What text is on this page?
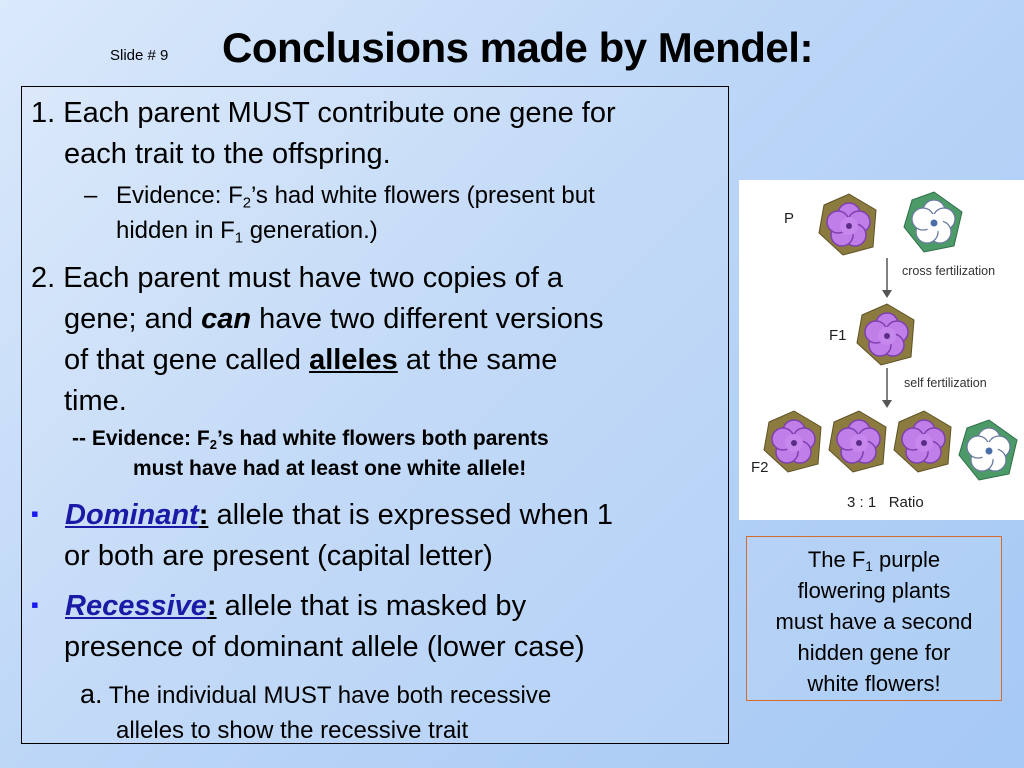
Slide # 9 Conclusions made by Mendel:
1. Each parent MUST contribute one gene for
each trait to the offspring.
– Evidence: $F_2’s$ had white flowers (present but
hidden in $F_1$ generation.)
2. Each parent must have two copies of a
gene; and can have two different versions
of that gene called alleles at the same
time.
-- Evidence: $F_2’s$ had white flowers both parents
must have had at least one white allele!
▪ Dominant: allele that is expressed when 1
or both are present (capital letter)
▪ Recessive: allele that is masked by
presence of dominant allele (lower case)
a. The individual MUST have both recessive
alleles to show the recessive trait
P
F1
F2
cross fertilization
self fertilization
3 : 1   Ratio
The $F_1$ purple
flowering plants
must have a second
hidden gene for
white flowers!
